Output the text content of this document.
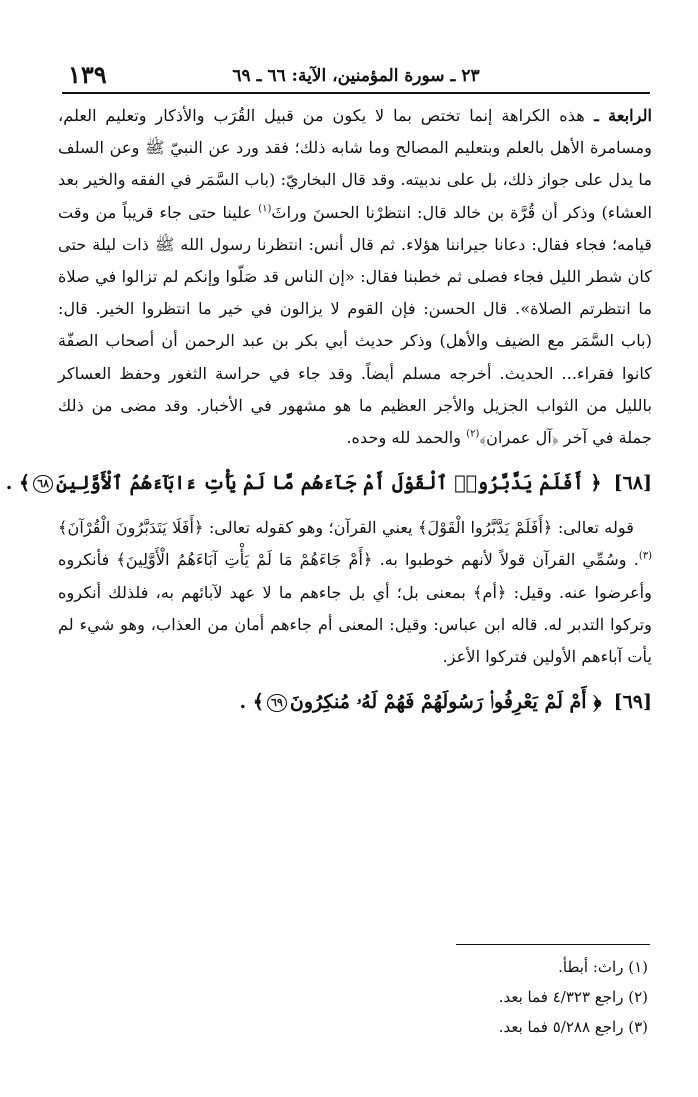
١٣٩	٢٣ ـ سورة المؤمنين، الآية: ٦٦ ـ ٦٩

الرابعة ـ هذه الكراهة إنما تختص بما لا يكون من قبيل القُرَب والأذكار وتعليم العلم، ومسامرة الأهل بالعلم وبتعليم المصالح وما شابه ذلك؛ فقد ورد عن النبيّ ﷺ وعن السلف ما يدل على جواز ذلك، بل على ندبيته. وقد قال البخاريّ: (باب السَّمَر في الفقه والخير بعد العشاء) وذكر أن قُرَّة بن خالد قال: انتظرْنا الحسنَ وراثَ$^{(١)}$ علينا حتى جاء قريباً من وقت قيامه؛ فجاء فقال: دعانا جيراننا هؤلاء. ثم قال أنس: انتظرنا رسول الله ﷺ ذات ليلة حتى كان شطر الليل فجاء فصلى ثم خطبنا فقال: «إن الناس قد صَلّوا وإنكم لم تزالوا في صلاة ما انتظرتم الصلاة». قال الحسن: فإن القوم لا يزالون في خير ما انتظروا الخير. قال: (باب السَّمَر مع الضيف والأهل) وذكر حديث أبي بكر بن عبد الرحمن أن أصحاب الصفّة كانوا فقراء... الحديث. أخرجه مسلم أيضاً. وقد جاء في حراسة الثغور وحفظ العساكر بالليل من الثواب الجزيل والأجر العظيم ما هو مشهور في الأخبار. وقد مضى من ذلك جملة في آخر ﴿آل عمران﴾$^{(٢)}$ والحمد لله وحده.

[٦٨]﴿ أَفَلَمْ يَدَّبَّرُوا۟ ٱلْقَوْلَ أَمْ جَآءَهُم مَّا لَمْ يَأْتِ ءَابَآءَهُمُ ٱلْأَوَّلِينَ٦٨﴾ .

قوله تعالى: ﴿أَفَلَمْ يَدَّبَّرُوا الْقَوْلَ﴾ يعني القرآن؛ وهو كقوله تعالى: ﴿أَفَلَا يَتَدَبَّرُونَ الْقُرْآنَ﴾$^{(٣)}$. وسُمِّي القرآن قولاً لأنهم خوطبوا به. ﴿أَمْ جَاءَهُمْ مَا لَمْ يَأْتِ آبَاءَهُمُ الْأَوَّلِينَ﴾ فأنكروه وأعرضوا عنه. وقيل: ﴿أم﴾ بمعنى بل؛ أي بل جاءهم ما لا عهد لآبائهم به، فلذلك أنكروه وتركوا التدبر له. قاله ابن عباس: وقيل: المعنى أم جاءهم أمان من العذاب، وهو شيء لم يأت آباءهم الأولين فتركوا الأعز.

[٦٩]﴿ أَمْ لَمْ يَعْرِفُوا۟ رَسُولَهُمْ فَهُمْ لَهُۥ مُنكِرُونَ٦٩﴾ .
(١) راث: أبطأ.
(٢) راجع ٤/٣٢٣ فما بعد.
(٣) راجع ٥/٢٨٨ فما بعد.
